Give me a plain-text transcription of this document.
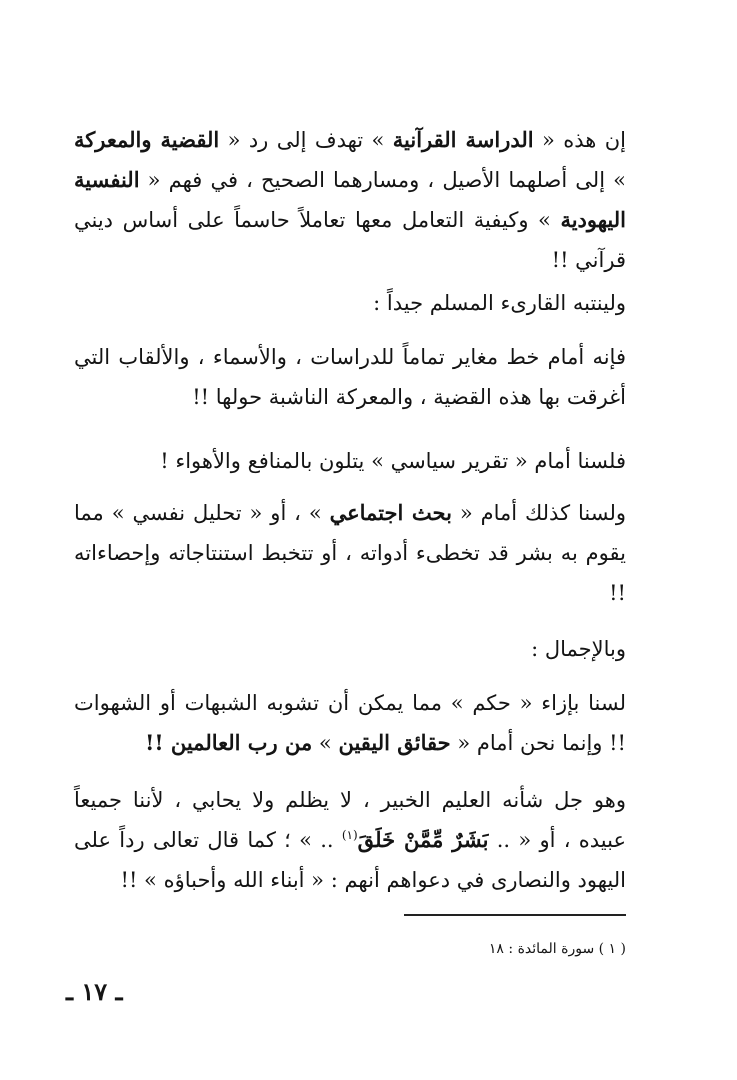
إن هذه « الدراسة القرآنية » تهدف إلى رد « القضية والمعركة » إلى أصلهما الأصيل ، ومسارهما الصحيح ، في فهم « النفسية اليهودية » وكيفية التعامل معها تعاملاً حاسماً على أساس ديني قرآني !!

ولينتبه القارىء المسلم جيداً :

فإنه أمام خط مغاير تماماً للدراسات ، والأسماء ، والألقاب التي أغرقت بها هذه القضية ، والمعركة الناشبة حولها !!

فلسنا أمام « تقرير سياسي » يتلون بالمنافع والأهواء !

ولسنا كذلك أمام « بحث اجتماعي » ، أو « تحليل نفسي » مما يقوم به بشر قد تخطىء أدواته ، أو تتخبط استنتاجاته وإحصاءاته !!

وبالإجمال :

لسنا بإزاء « حكم » مما يمكن أن تشوبه الشبهات أو الشهوات !! وإنما نحن أمام « حقائق اليقين » من رب العالمين !!

وهو جل شأنه العليم الخبير ، لا يظلم ولا يحابي ، لأننا جميعاً عبيده ، أو « .. بَشَرٌ مِّمَّنْ خَلَقَ$^{(١)}$ .. » ؛ كما قال تعالى رداً على اليهود والنصارى في دعواهم أنهم : « أبناء الله وأحباؤه » !!

( ١ ) سورة المائدة : ١٨
ـ ١٧ ـ
